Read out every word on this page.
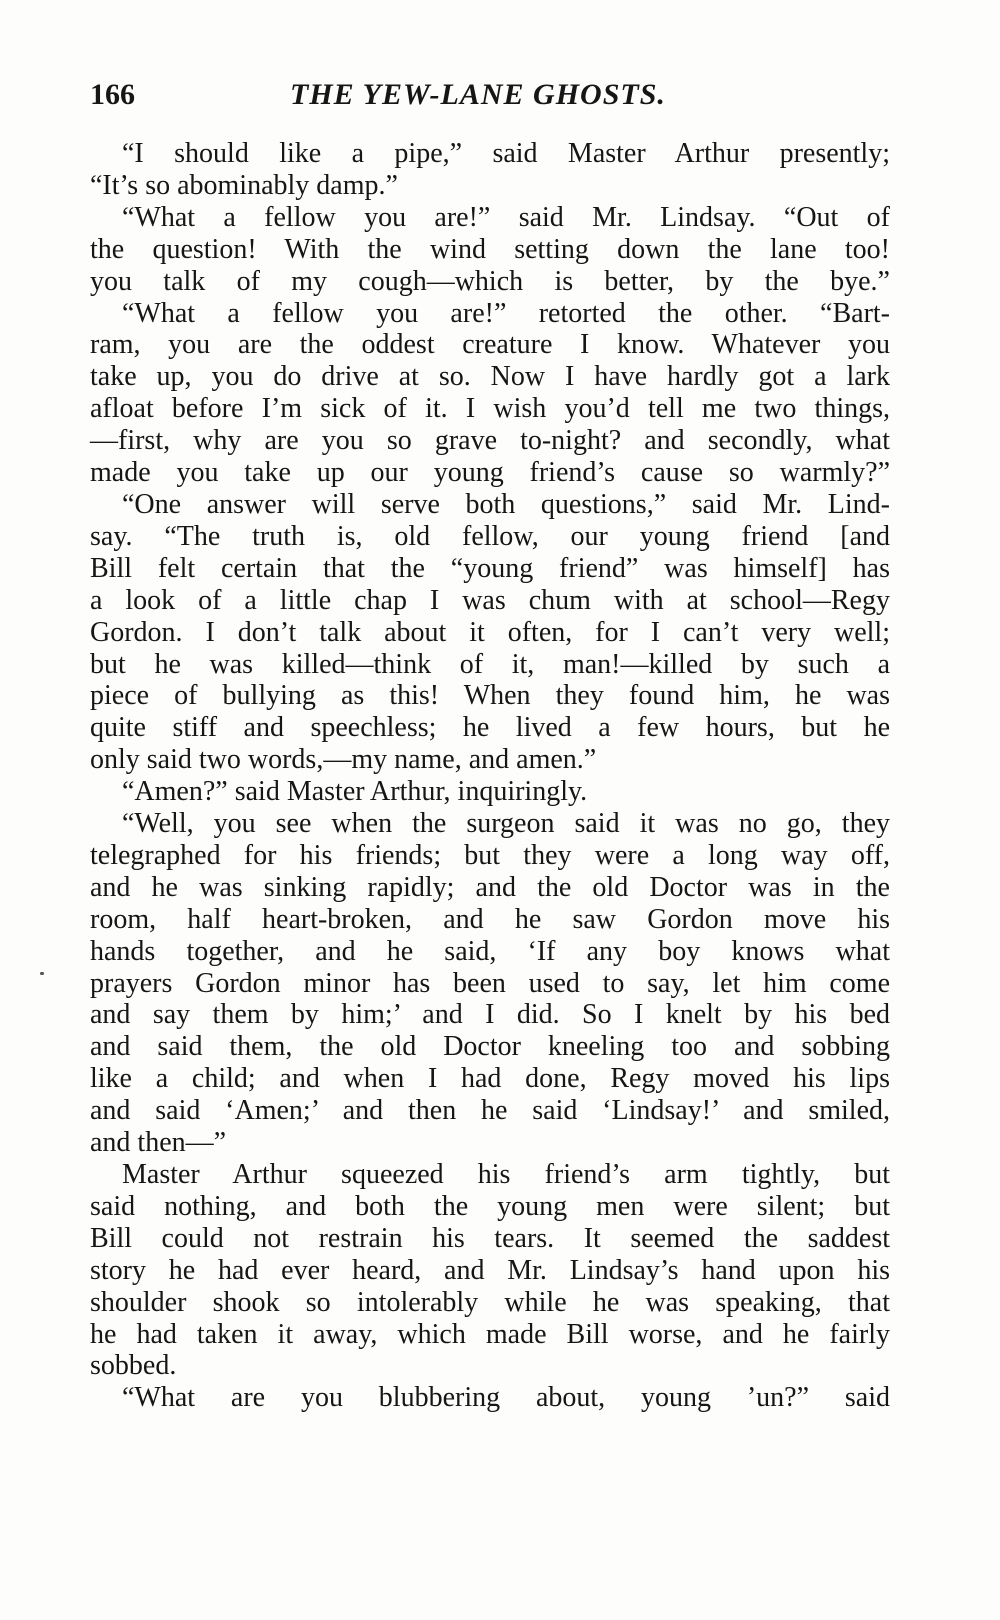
166	THE YEW-LANE GHOSTS.
“I should like a pipe,” said Master Arthur presently;
“It’s so abominably damp.”
“What a fellow you are!” said Mr. Lindsay. “Out of
the question! With the wind setting down the lane too!
you talk of my cough—which is better, by the bye.”
“What a fellow you are!” retorted the other. “Bart-
ram, you are the oddest creature I know. Whatever you
take up, you do drive at so. Now I have hardly got a lark
afloat before I’m sick of it. I wish you’d tell me two things,
—first, why are you so grave to-night? and secondly, what
made you take up our young friend’s cause so warmly?”
“One answer will serve both questions,” said Mr. Lind-
say. “The truth is, old fellow, our young friend [and
Bill felt certain that the “young friend” was himself] has
a look of a little chap I was chum with at school—Regy
Gordon. I don’t talk about it often, for I can’t very well;
but he was killed—think of it, man!—killed by such a
piece of bullying as this! When they found him, he was
quite stiff and speechless; he lived a few hours, but he
only said two words,—my name, and amen.”
“Amen?” said Master Arthur, inquiringly.
“Well, you see when the surgeon said it was no go, they
telegraphed for his friends; but they were a long way off,
and he was sinking rapidly; and the old Doctor was in the
room, half heart-broken, and he saw Gordon move his
hands together, and he said, ‘If any boy knows what
prayers Gordon minor has been used to say, let him come
and say them by him;’ and I did. So I knelt by his bed
and said them, the old Doctor kneeling too and sobbing
like a child; and when I had done, Regy moved his lips
and said ‘Amen;’ and then he said ‘Lindsay!’ and smiled,
and then—”
Master Arthur squeezed his friend’s arm tightly, but
said nothing, and both the young men were silent; but
Bill could not restrain his tears. It seemed the saddest
story he had ever heard, and Mr. Lindsay’s hand upon his
shoulder shook so intolerably while he was speaking, that
he had taken it away, which made Bill worse, and he fairly
sobbed.
“What are you blubbering about, young ’un?” said
